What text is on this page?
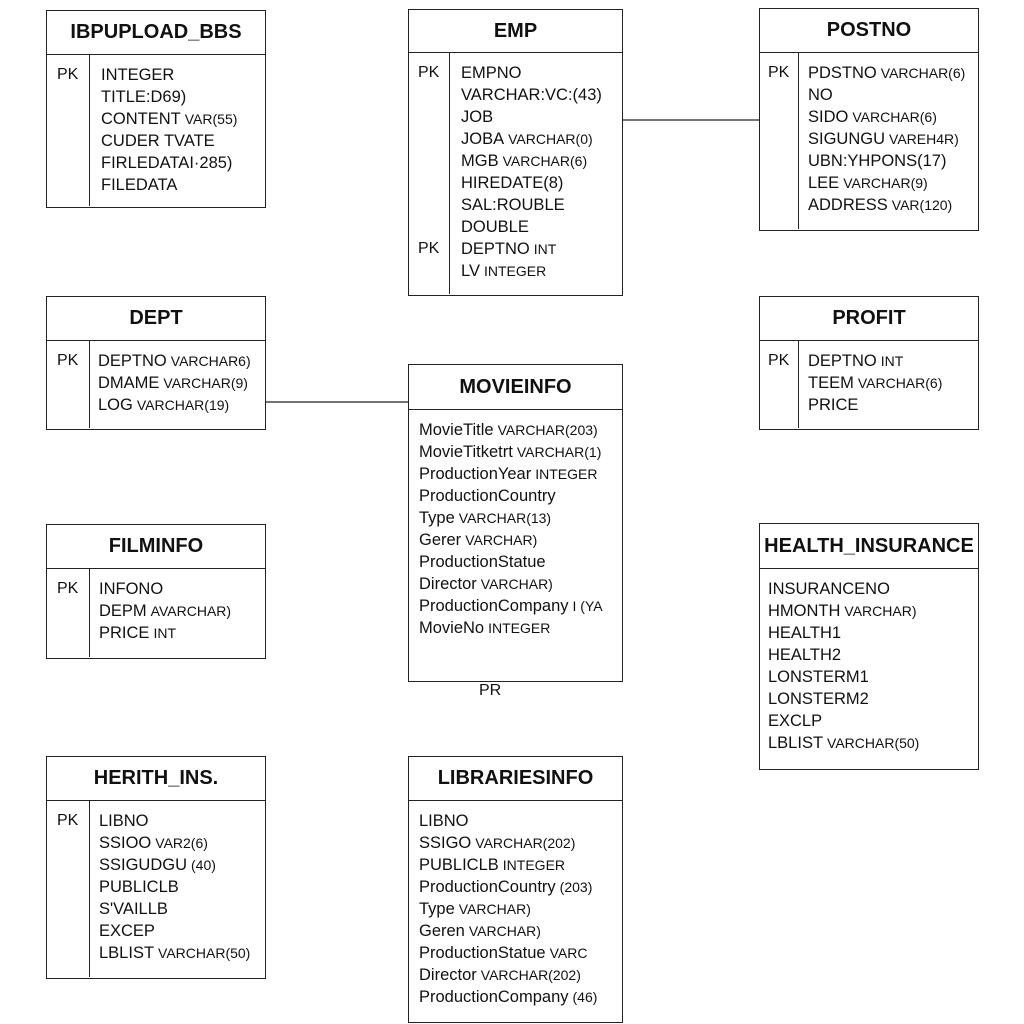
IBPUPLOAD_BBS
PK INTEGER
TITLE:D69)
CONTENT VAR(55)
CUDER TVATE
FIRLEDATAI·285)
FILEDATA
EMP
PK EMPNO
VARCHAR:VC:(43)
JOB
JOBA VARCHAR(0)
MGB VARCHAR(6)
HIREDATE(8)
SAL:ROUBLE
DOUBLE
PK DEPTNO INT
LV INTEGER
POSTNO
PK PDSTNO VARCHAR(6)
NO
SIDO VARCHAR(6)
SIGUNGU VAREH4R)
UBN:YHPONS(17)
LEE VARCHAR(9)
ADDRESS VAR(120)
DEPT
PK DEPTNO VARCHAR6)
DMAME VARCHAR(9)
LOG VARCHAR(19)
PROFIT
PK DEPTNO INT
TEEM VARCHAR(6)
PRICE
MOVIEINFO
MovieTitle VARCHAR(203)
MovieTitketrt VARCHAR(1)
ProductionYear INTEGER
ProductionCountry
Type VARCHAR(13)
Gerer VARCHAR)
ProductionStatue
Director VARCHAR)
ProductionCompany I (YA
MovieNo INTEGER
PR
FILMINFO
PK INFONO
DEPM AVARCHAR)
PRICE INT
HEALTH_INSURANCE
INSURANCENO
HMONTH VARCHAR)
HEALTH1
HEALTH2
LONSTERM1
LONSTERM2
EXCLP
LBLIST VARCHAR(50)
HERITH_INS.
PK LIBNO
SSIOO VAR2(6)
SSIGUDGU (40)
PUBLICLB
S'VAILLB
EXCEP
LBLIST VARCHAR(50)
LIBRARIESINFO
LIBNO
SSIGO VARCHAR(202)
PUBLICLB INTEGER
ProductionCountry (203)
Type VARCHAR)
Geren VARCHAR)
ProductionStatue VARC
Director VARCHAR(202)
ProductionCompany (46)
